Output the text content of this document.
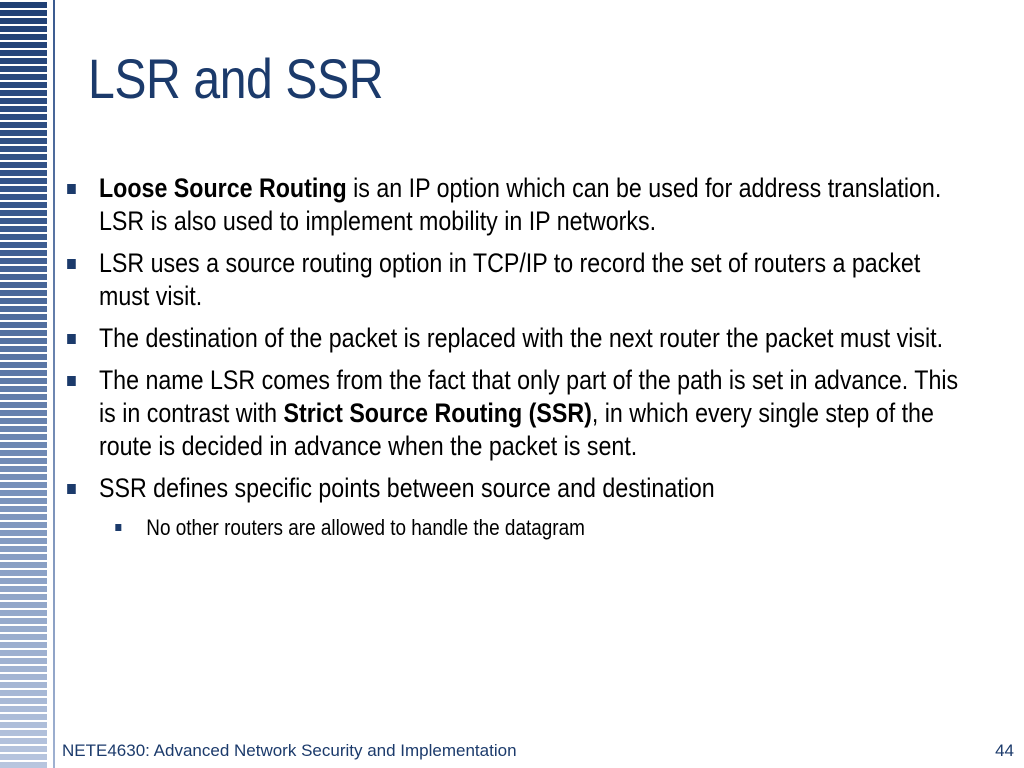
LSR and SSR
Loose Source Routing is an IP option which can be used for address translation. LSR is also used to implement mobility in IP networks.
LSR uses a source routing option in TCP/IP to record the set of routers a packet must visit.
The destination of the packet is replaced with the next router the packet must visit.
The name LSR comes from the fact that only part of the path is set in advance. This is in contrast with Strict Source Routing (SSR), in which every single step of the route is decided in advance when the packet is sent.
SSR defines specific points between source and destination
No other routers are allowed to handle the datagram
NETE4630: Advanced Network Security and Implementation	44
